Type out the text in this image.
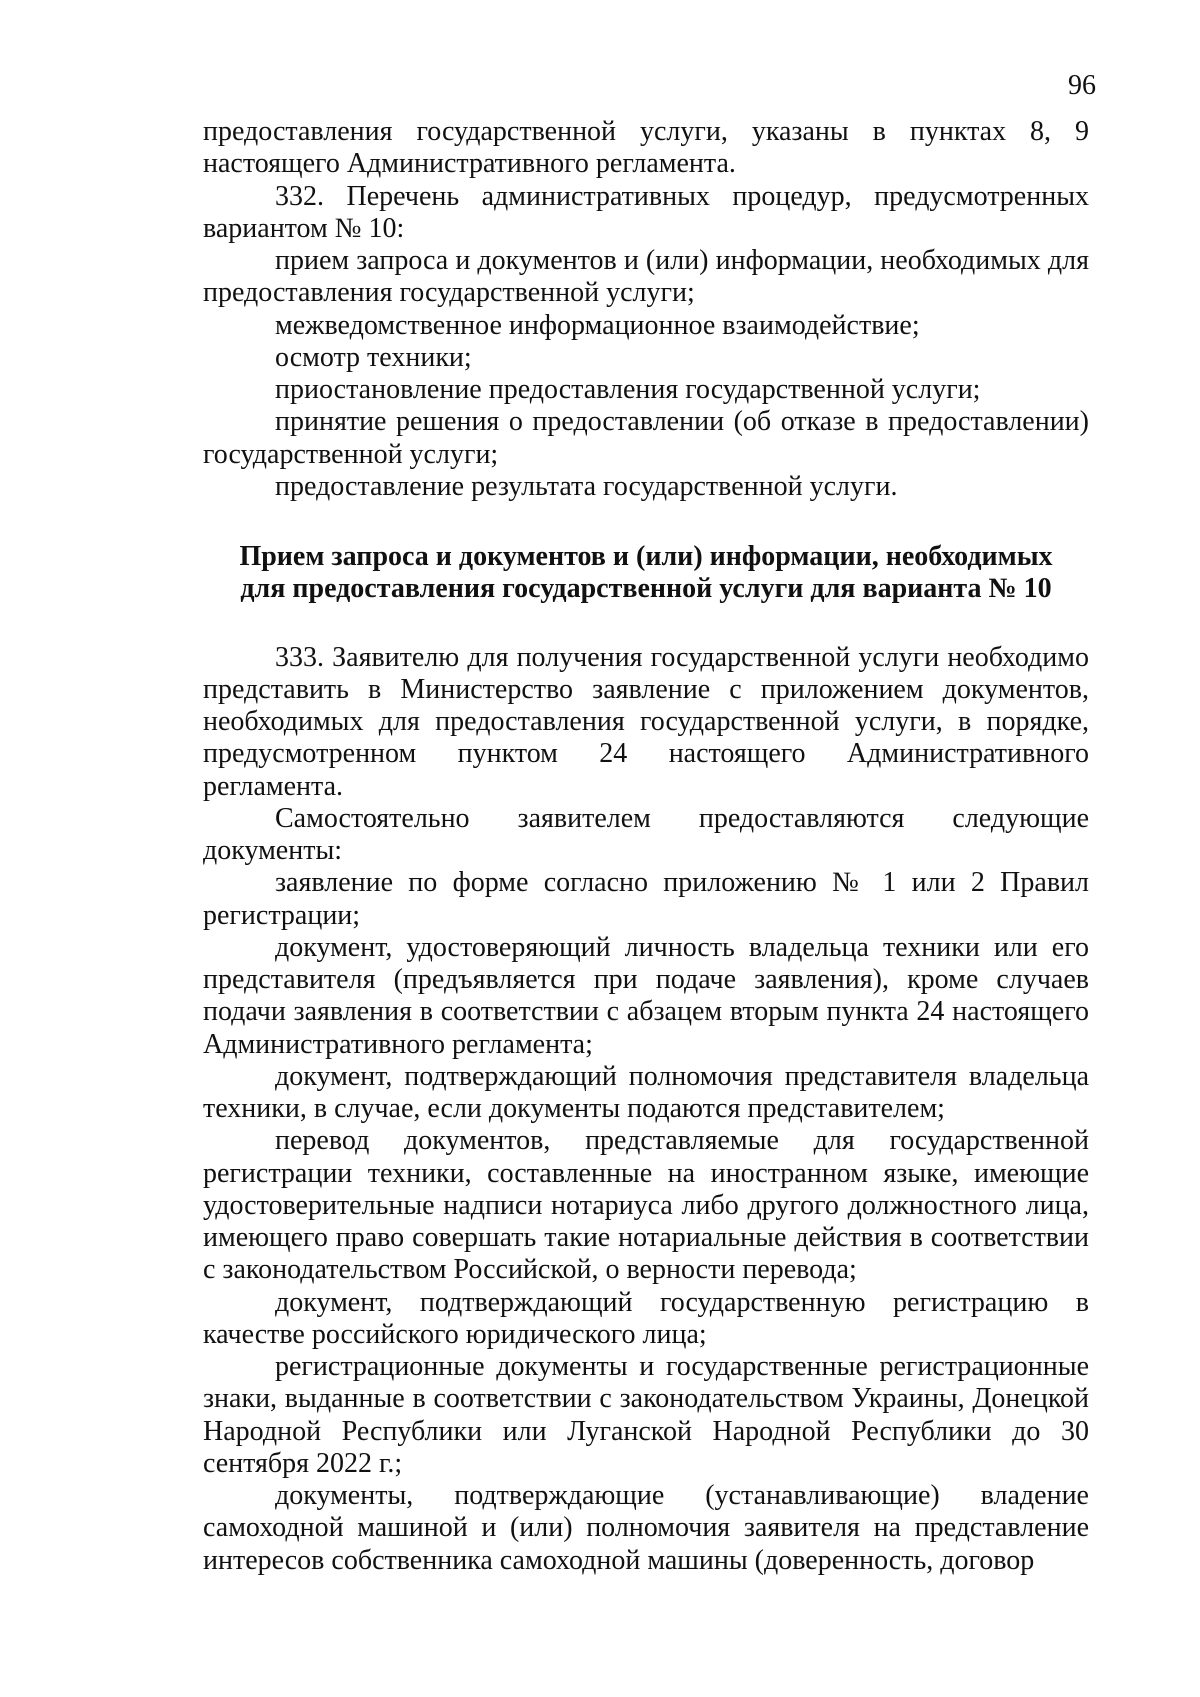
96

предоставления государственной услуги, указаны в пунктах 8, 9 настоящего Административного регламента.

332. Перечень административных процедур, предусмотренных вариантом № 10:

прием запроса и документов и (или) информации, необходимых для предоставления государственной услуги;

межведомственное информационное взаимодействие;

осмотр техники;

приостановление предоставления государственной услуги;

принятие решения о предоставлении (об отказе в предоставлении) государственной услуги;

предоставление результата государственной услуги.

Прием запроса и документов и (или) информации, необходимых
для предоставления государственной услуги для варианта № 10

333. Заявителю для получения государственной услуги необходимо представить в Министерство заявление с приложением документов, необходимых для предоставления государственной услуги, в порядке, предусмотренном пунктом 24 настоящего Административного регламента.

Самостоятельно заявителем предоставляются следующие документы:

заявление по форме согласно приложению № 1 или 2 Правил регистрации;

документ, удостоверяющий личность владельца техники или его представителя (предъявляется при подаче заявления), кроме случаев подачи заявления в соответствии с абзацем вторым пункта 24 настоящего Административного регламента;

документ, подтверждающий полномочия представителя владельца техники, в случае, если документы подаются представителем;

перевод документов, представляемые для государственной регистрации техники, составленные на иностранном языке, имеющие удостоверительные надписи нотариуса либо другого должностного лица, имеющего право совершать такие нотариальные действия в соответствии с законодательством Российской, о верности перевода;

документ, подтверждающий государственную регистрацию в качестве российского юридического лица;

регистрационные документы и государственные регистрационные знаки, выданные в соответствии с законодательством Украины, Донецкой Народной Республики или Луганской Народной Республики до 30 сентября 2022 г.;

документы, подтверждающие (устанавливающие) владение самоходной машиной и (или) полномочия заявителя на представление интересов собственника самоходной машины (доверенность, договор
